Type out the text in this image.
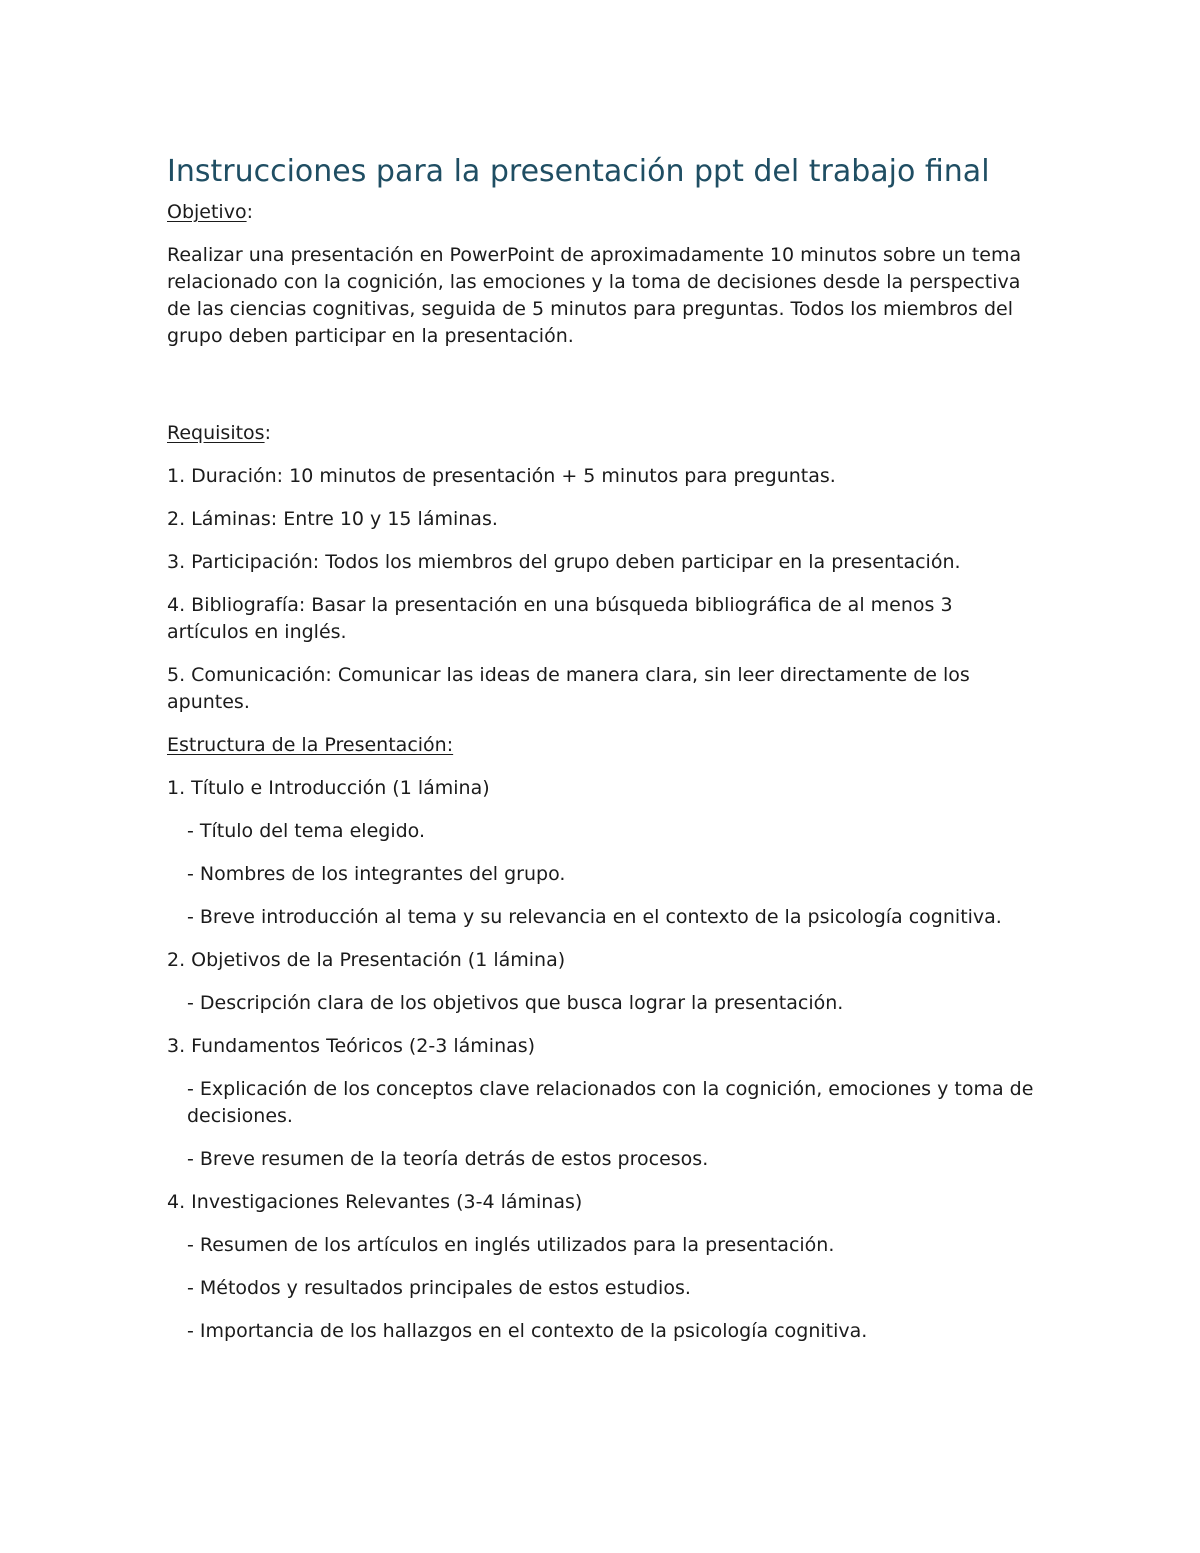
Instrucciones para la presentación ppt del trabajo final

Objetivo:

Realizar una presentación en PowerPoint de aproximadamente 10 minutos sobre un tema relacionado con la cognición, las emociones y la toma de decisiones desde la perspectiva de las ciencias cognitivas, seguida de 5 minutos para preguntas. Todos los miembros del grupo deben participar en la presentación.

Requisitos:

1. Duración: 10 minutos de presentación + 5 minutos para preguntas.

2. Láminas: Entre 10 y 15 láminas.

3. Participación: Todos los miembros del grupo deben participar en la presentación.

4. Bibliografía: Basar la presentación en una búsqueda bibliográfica de al menos 3 artículos en inglés.

5. Comunicación: Comunicar las ideas de manera clara, sin leer directamente de los apuntes.

Estructura de la Presentación:

1. Título e Introducción (1 lámina)

- Título del tema elegido.

- Nombres de los integrantes del grupo.

- Breve introducción al tema y su relevancia en el contexto de la psicología cognitiva.

2. Objetivos de la Presentación (1 lámina)

- Descripción clara de los objetivos que busca lograr la presentación.

3. Fundamentos Teóricos (2-3 láminas)

- Explicación de los conceptos clave relacionados con la cognición, emociones y toma de decisiones.

- Breve resumen de la teoría detrás de estos procesos.

4. Investigaciones Relevantes (3-4 láminas)

- Resumen de los artículos en inglés utilizados para la presentación.

- Métodos y resultados principales de estos estudios.

- Importancia de los hallazgos en el contexto de la psicología cognitiva.
